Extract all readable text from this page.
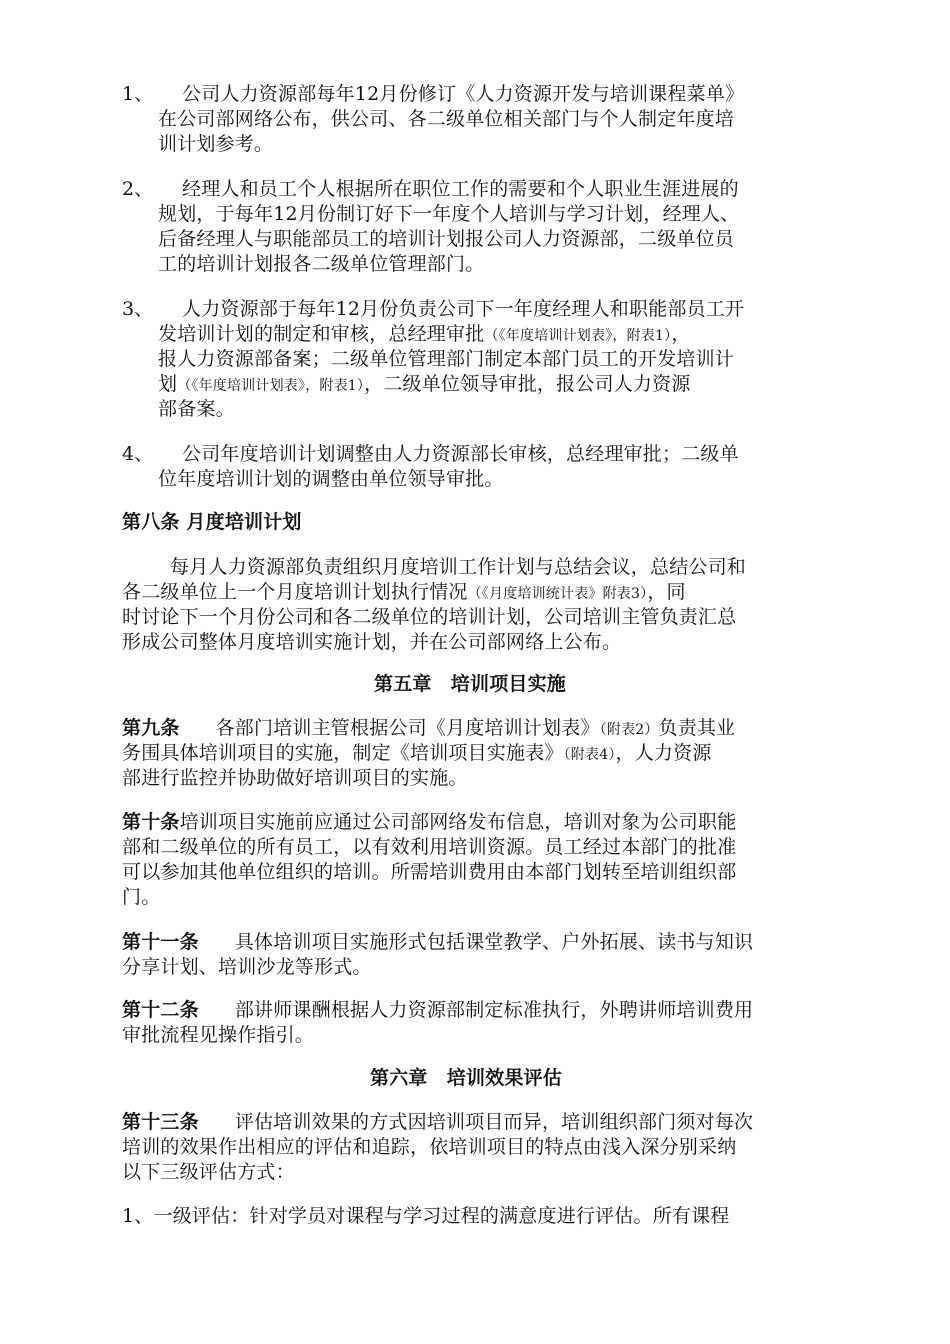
1、 公司人力资源部每年12月份修订《人力资源开发与培训课程菜单》
在公司部网络公布，供公司、各二级单位相关部门与个人制定年度培
训计划参考。
2、 经理人和员工个人根据所在职位工作的需要和个人职业生涯进展的
规划，于每年12月份制订好下一年度个人培训与学习计划，经理人、
后备经理人与职能部员工的培训计划报公司人力资源部，二级单位员
工的培训计划报各二级单位管理部门。
3、 人力资源部于每年12月份负责公司下一年度经理人和职能部员工开
发培训计划的制定和审核，总经理审批（《年度培训计划表》，附表1），
报人力资源部备案；二级单位管理部门制定本部门员工的开发培训计
划（《年度培训计划表》，附表1），二级单位领导审批，报公司人力资源
部备案。
4、 公司年度培训计划调整由人力资源部长审核，总经理审批；二级单
位年度培训计划的调整由单位领导审批。
第八条 月度培训计划
每月人力资源部负责组织月度培训工作计划与总结会议，总结公司和
各二级单位上一个月度培训计划执行情况（《月度培训统计表》附表3），同
时讨论下一个月份公司和各二级单位的培训计划，公司培训主管负责汇总
形成公司整体月度培训实施计划，并在公司部网络上公布。
第五章　培训项目实施
第九条 各部门培训主管根据公司《月度培训计划表》（附表2）负责其业
务围具体培训项目的实施，制定《培训项目实施表》（附表4），人力资源
部进行监控并协助做好培训项目的实施。
第十条培训项目实施前应通过公司部网络发布信息，培训对象为公司职能
部和二级单位的所有员工，以有效利用培训资源。员工经过本部门的批准
可以参加其他单位组织的培训。所需培训费用由本部门划转至培训组织部
门。
第十一条 具体培训项目实施形式包括课堂教学、户外拓展、读书与知识
分享计划、培训沙龙等形式。
第十二条 部讲师课酬根据人力资源部制定标准执行，外聘讲师培训费用
审批流程见操作指引。
第六章　培训效果评估
第十三条 评估培训效果的方式因培训项目而异，培训组织部门须对每次
培训的效果作出相应的评估和追踪，依培训项目的特点由浅入深分别采纳
以下三级评估方式：
1、一级评估：针对学员对课程与学习过程的满意度进行评估。所有课程
